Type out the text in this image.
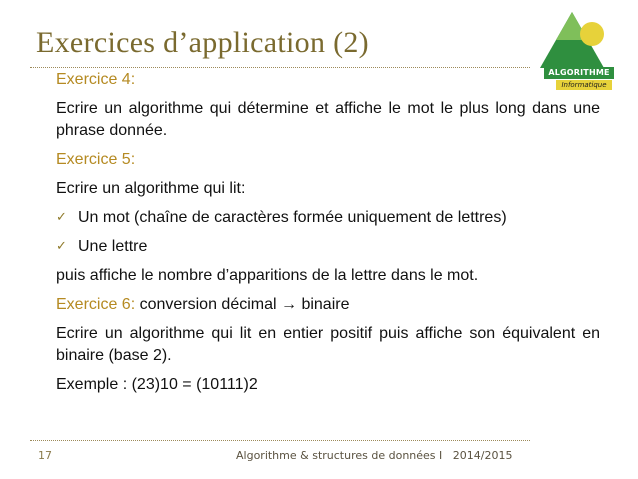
Exercices d’application (2)
ALGORITHME
Informatique

Exercice 4:

Ecrire un algorithme qui détermine et affiche le mot le plus long dans une phrase donnée.

Exercice 5:

Ecrire un algorithme qui lit:

✓ Un mot (chaîne de caractères formée uniquement de lettres)

✓ Une lettre

puis affiche le nombre d’apparitions de la lettre dans le mot.

Exercice 6: conversion décimal → binaire

Ecrire un algorithme qui lit en entier positif puis affiche son équivalent en binaire (base 2).

Exemple : (23)10 = (10111)2

17	Algorithme & structures de données I 2014/2015
